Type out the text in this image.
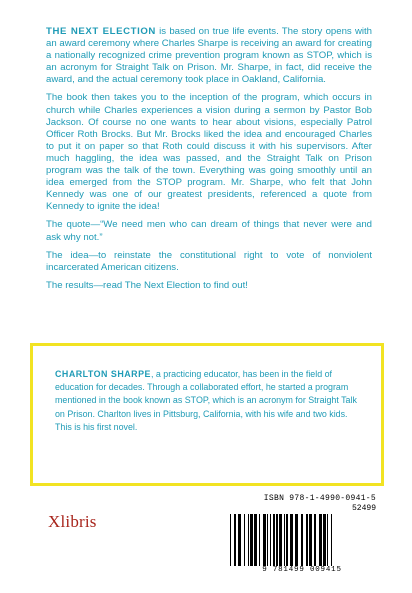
THE NEXT ELECTION is based on true life events. The story opens with an award ceremony where Charles Sharpe is receiving an award for creating a nationally recognized crime prevention program known as STOP, which is an acronym for Straight Talk on Prison. Mr. Sharpe, in fact, did receive the award, and the actual ceremony took place in Oakland, California.

The book then takes you to the inception of the program, which occurs in church while Charles experiences a vision during a sermon by Pastor Bob Jackson. Of course no one wants to hear about visions, especially Patrol Officer Roth Brocks. But Mr. Brocks liked the idea and encouraged Charles to put it on paper so that Roth could discuss it with his supervisors. After much haggling, the idea was passed, and the Straight Talk on Prison program was the talk of the town. Everything was going smoothly until an idea emerged from the STOP program. Mr. Sharpe, who felt that John Kennedy was one of our greatest presidents, referenced a quote from Kennedy to ignite the idea!

The quote—“We need men who can dream of things that never were and ask why not.”

The idea—to reinstate the constitutional right to vote of nonviolent incarcerated American citizens.

The results—read The Next Election to find out!

CHARLTON SHARPE, a practicing educator, has been in the field of education for decades. Through a collaborated effort, he started a program mentioned in the book known as STOP, which is an acronym for Straight Talk on Prison. Charlton lives in Pittsburg, California, with his wife and two kids. This is his first novel.
Xlibris
ISBN 978-1-4990-0941-5
52499
9 781499 009415
